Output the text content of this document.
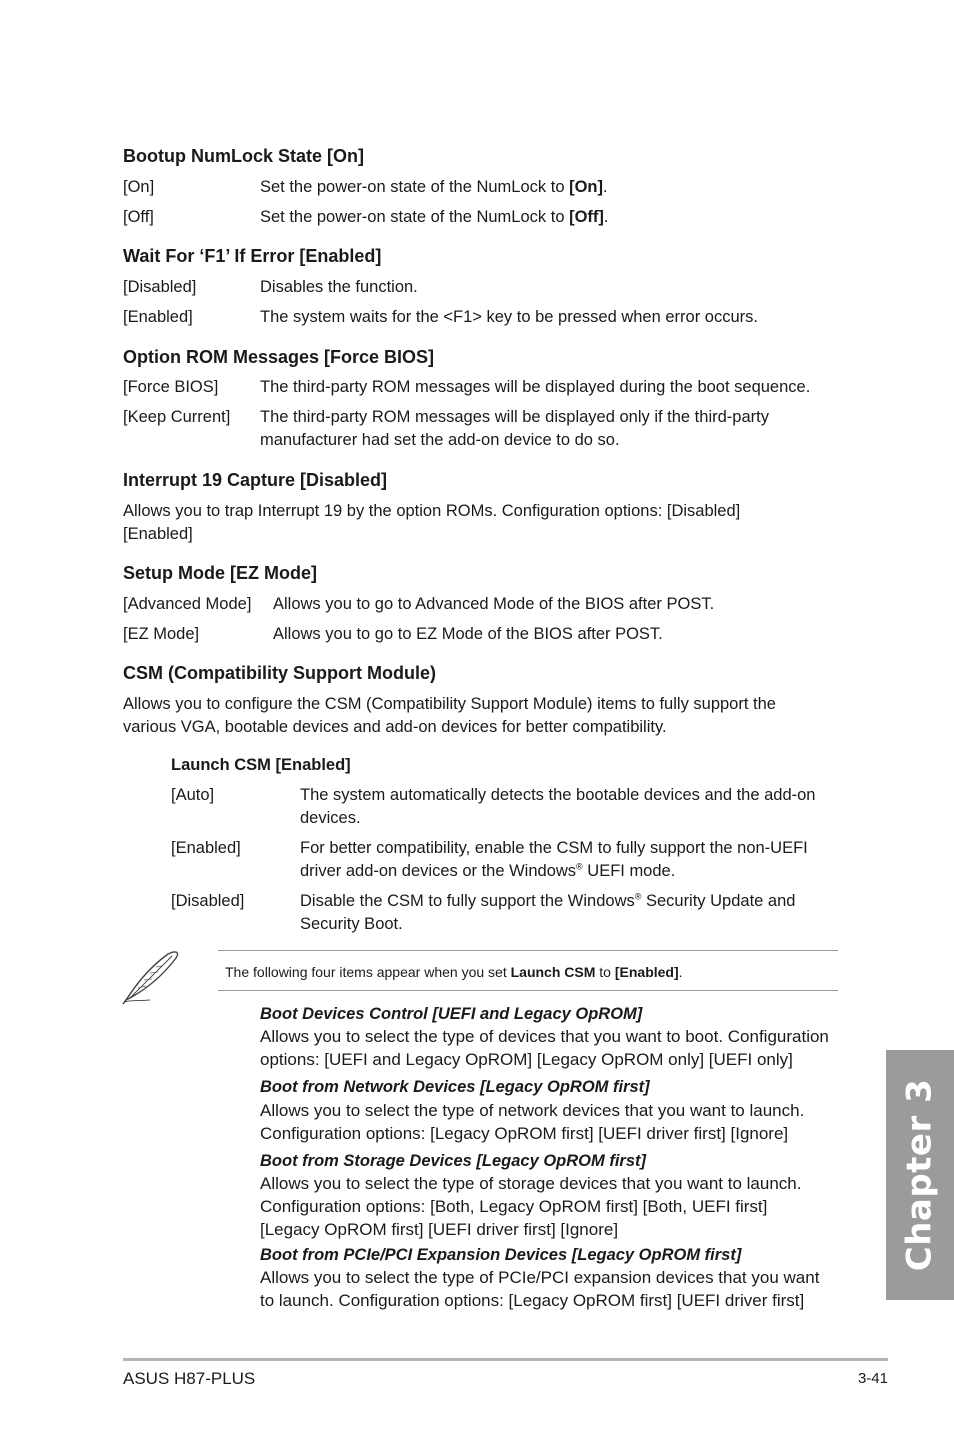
Bootup NumLock State [On]
[On]	Set the power-on state of the NumLock to [On].
[Off]	Set the power-on state of the NumLock to [Off].
Wait For ‘F1’ If Error [Enabled]
[Disabled]	Disables the function.
[Enabled]	The system waits for the <F1> key to be pressed when error occurs.
Option ROM Messages [Force BIOS]
[Force BIOS]	The third-party ROM messages will be displayed during the boot sequence.
[Keep Current] The third-party ROM messages will be displayed only if the third-party manufacturer had set the add-on device to do so.
Interrupt 19 Capture [Disabled]
Allows you to trap Interrupt 19 by the option ROMs. Configuration options: [Disabled] [Enabled]
Setup Mode [EZ Mode]
[Advanced Mode] Allows you to go to Advanced Mode of the BIOS after POST.
[EZ Mode]	Allows you to go to EZ Mode of the BIOS after POST.
CSM (Compatibility Support Module)
Allows you to configure the CSM (Compatibility Support Module) items to fully support the various VGA, bootable devices and add-on devices for better compatibility.
Launch CSM [Enabled]
[Auto]	The system automatically detects the bootable devices and the add-on devices.
[Enabled]	For better compatibility, enable the CSM to fully support the non-UEFI driver add-on devices or the Windows® UEFI mode.
[Disabled]	Disable the CSM to fully support the Windows® Security Update and Security Boot.
The following four items appear when you set Launch CSM to [Enabled].
Boot Devices Control [UEFI and Legacy OpROM]
Allows you to select the type of devices that you want to boot. Configuration options: [UEFI and Legacy OpROM] [Legacy OpROM only] [UEFI only]
Boot from Network Devices [Legacy OpROM first]
Allows you to select the type of network devices that you want to launch. Configuration options: [Legacy OpROM first] [UEFI driver first] [Ignore]
Boot from Storage Devices [Legacy OpROM first]
Allows you to select the type of storage devices that you want to launch. Configuration options: [Both, Legacy OpROM first] [Both, UEFI first] [Legacy OpROM first] [UEFI driver first] [Ignore]
Boot from PCIe/PCI Expansion Devices [Legacy OpROM first]
Allows you to select the type of PCIe/PCI expansion devices that you want to launch. Configuration options: [Legacy OpROM first] [UEFI driver first]
Chapter 3
ASUS H87-PLUS	3-41
